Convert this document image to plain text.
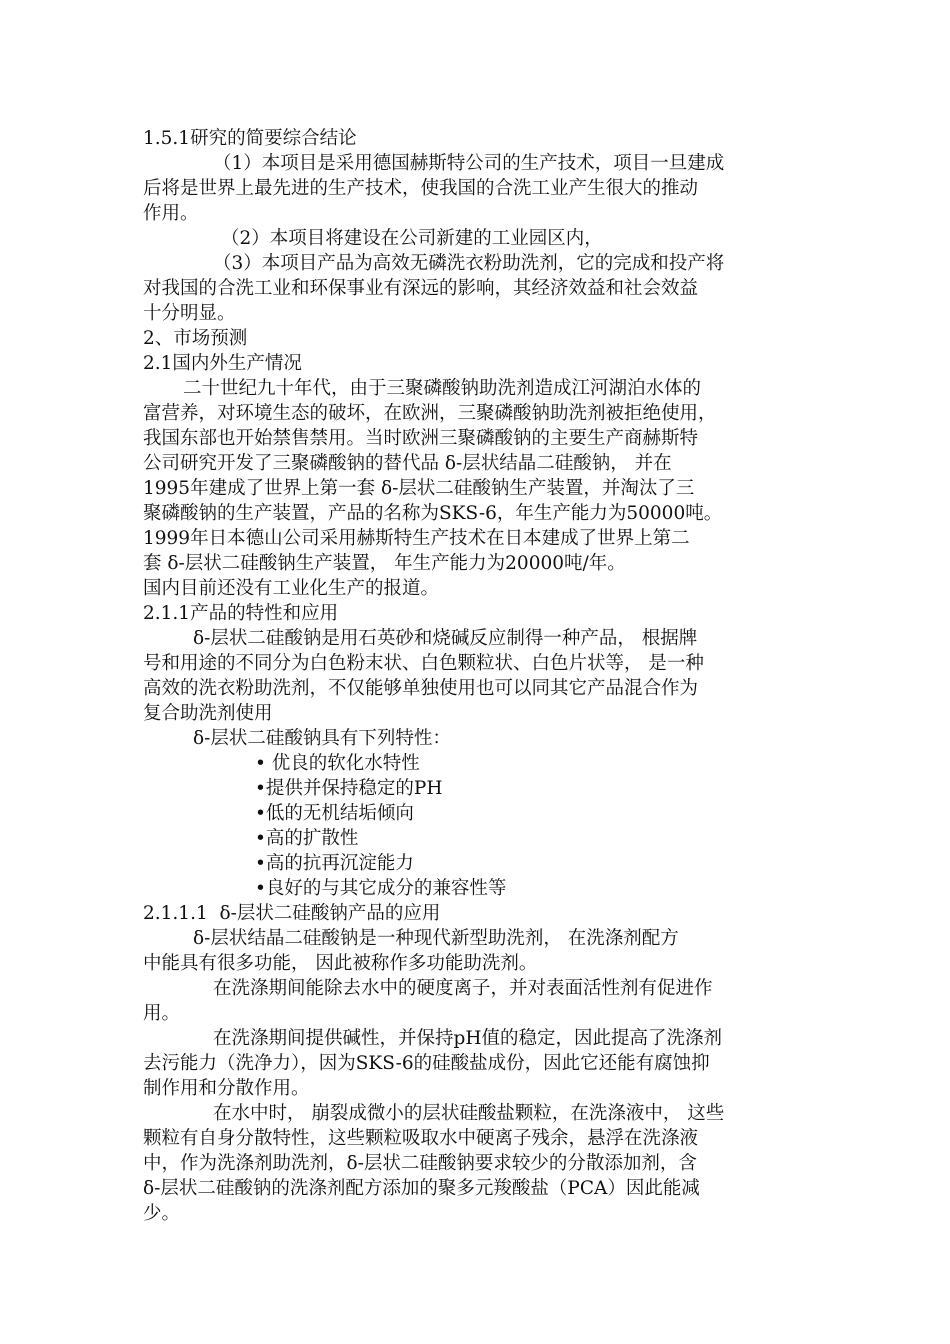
1.5.1研究的简要综合结论
（1）本项目是采用德国赫斯特公司的生产技术，项目一旦建成
后将是世界上最先进的生产技术，使我国的合洗工业产生很大的推动
作用。
（2）本项目将建设在公司新建的工业园区内，
（3）本项目产品为高效无磷洗衣粉助洗剂，它的完成和投产将
对我国的合洗工业和环保事业有深远的影响，其经济效益和社会效益
十分明显。
2、市场预测
2.1国内外生产情况
二十世纪九十年代，由于三聚磷酸钠助洗剂造成江河湖泊水体的
富营养，对环境生态的破坏，在欧洲，三聚磷酸钠助洗剂被拒绝使用，
我国东部也开始禁售禁用。当时欧洲三聚磷酸钠的主要生产商赫斯特
公司研究开发了三聚磷酸钠的替代品 δ-层状结晶二硅酸钠， 并在
1995年建成了世界上第一套 δ-层状二硅酸钠生产装置，并淘汰了三
聚磷酸钠的生产装置，产品的名称为SKS-6，年生产能力为50000吨。
1999年日本德山公司采用赫斯特生产技术在日本建成了世界上第二
套 δ-层状二硅酸钠生产装置， 年生产能力为20000吨/年。
国内目前还没有工业化生产的报道。
2.1.1产品的特性和应用
δ-层状二硅酸钠是用石英砂和烧碱反应制得一种产品， 根据牌
号和用途的不同分为白色粉末状、白色颗粒状、白色片状等， 是一种
高效的洗衣粉助洗剂，不仅能够单独使用也可以同其它产品混合作为
复合助洗剂使用
δ-层状二硅酸钠具有下列特性：
• 优良的软化水特性
•提供并保持稳定的PH
•低的无机结垢倾向
•高的扩散性
•高的抗再沉淀能力
•良好的与其它成分的兼容性等
2.1.1.1  δ-层状二硅酸钠产品的应用
δ-层状结晶二硅酸钠是一种现代新型助洗剂， 在洗涤剂配方
中能具有很多功能， 因此被称作多功能助洗剂。
在洗涤期间能除去水中的硬度离子，并对表面活性剂有促进作
用。
在洗涤期间提供碱性，并保持pH值的稳定，因此提高了洗涤剂
去污能力（洗净力），因为SKS-6的硅酸盐成份，因此它还能有腐蚀抑
制作用和分散作用。
在水中时， 崩裂成微小的层状硅酸盐颗粒，在洗涤液中， 这些
颗粒有自身分散特性，这些颗粒吸取水中硬离子残余，悬浮在洗涤液
中，作为洗涤剂助洗剂，δ-层状二硅酸钠要求较少的分散添加剂，含
δ-层状二硅酸钠的洗涤剂配方添加的聚多元羧酸盐（PCA）因此能减
少。
